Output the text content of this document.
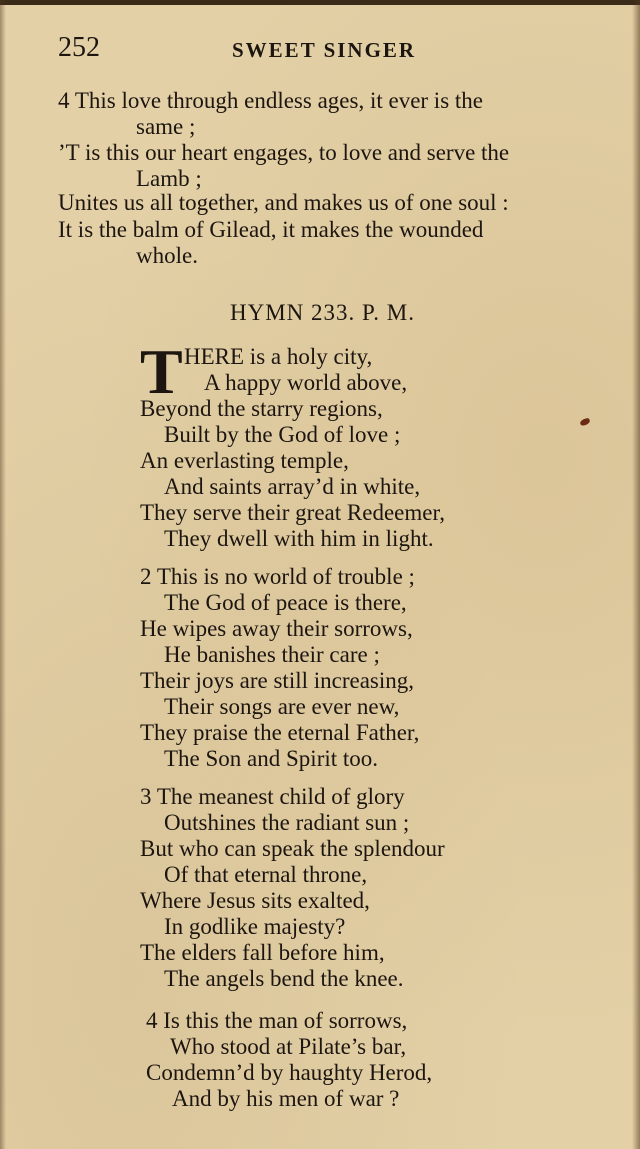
252	SWEET SINGER
4 This love through endless ages, it ever is the
same ;
’T is this our heart engages, to love and serve the
Lamb ;
Unites us all together, and makes us of one soul :
It is the balm of Gilead, it makes the wounded
whole.
HYMN 233. P. M.
T HERE is a holy city,
A happy world above,
Beyond the starry regions,
Built by the God of love ;
An everlasting temple,
And saints array’d in white,
They serve their great Redeemer,
They dwell with him in light.
2 This is no world of trouble ;
The God of peace is there,
He wipes away their sorrows,
He banishes their care ;
Their joys are still increasing,
Their songs are ever new,
They praise the eternal Father,
The Son and Spirit too.
3 The meanest child of glory
Outshines the radiant sun ;
But who can speak the splendour
Of that eternal throne,
Where Jesus sits exalted,
In godlike majesty?
The elders fall before him,
The angels bend the knee.
4 Is this the man of sorrows,
Who stood at Pilate’s bar,
Condemn’d by haughty Herod,
And by his men of war ?
